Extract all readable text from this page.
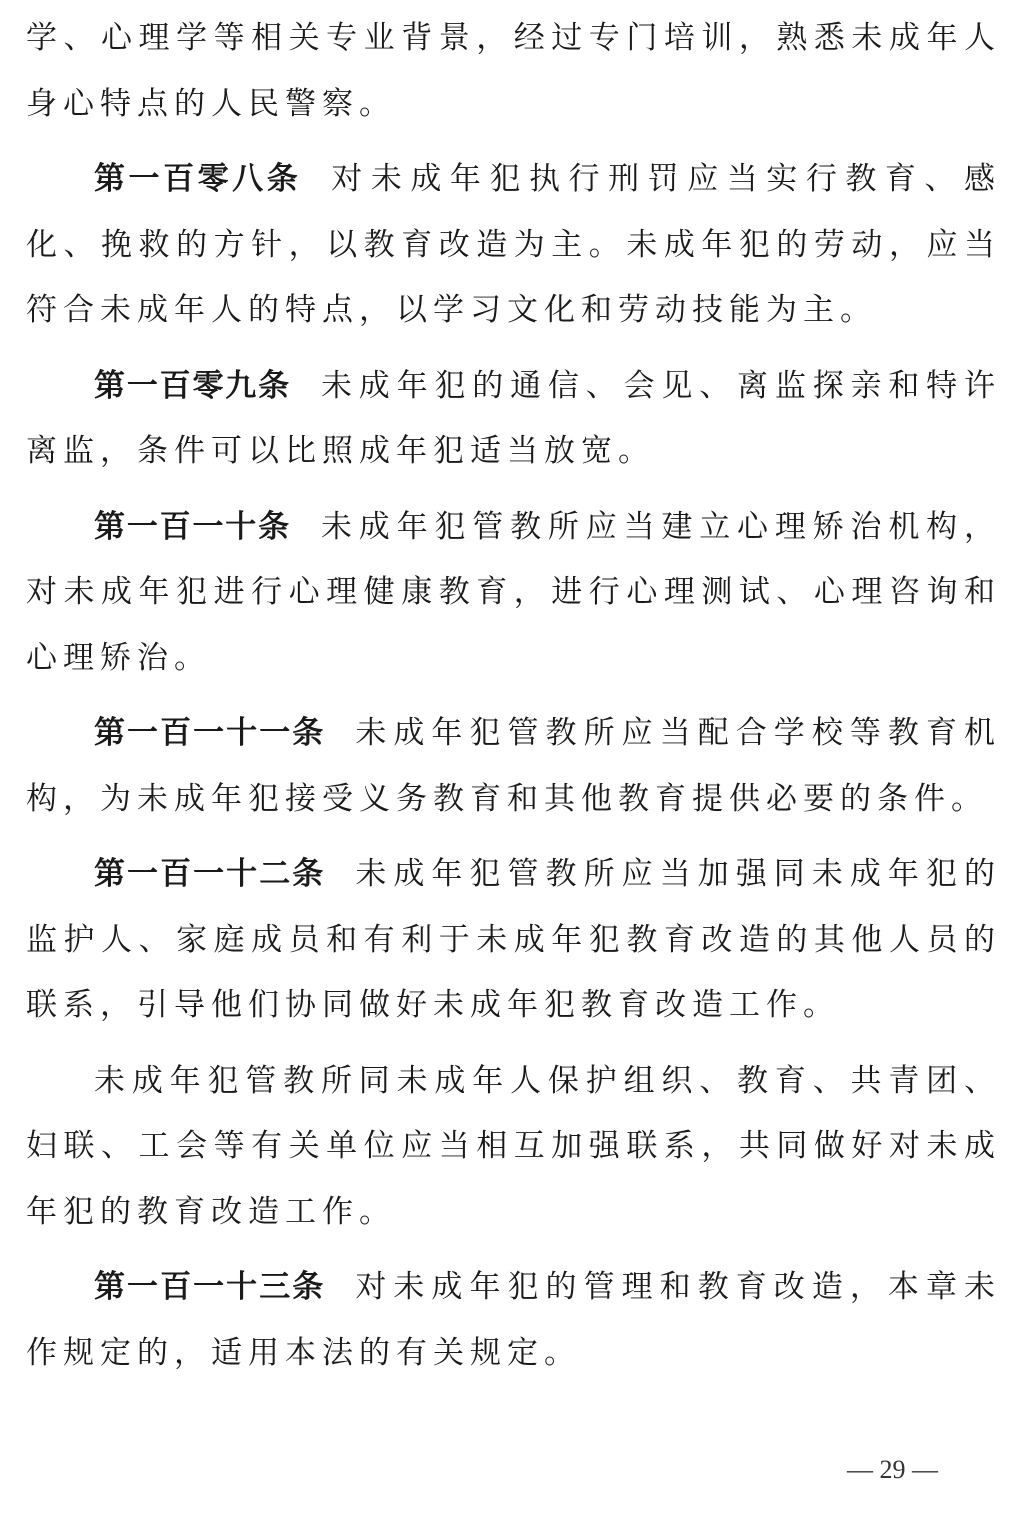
学、心理学等相关专业背景，经过专门培训，熟悉未成年人身心特点的人民警察。

第一百零八条 对未成年犯执行刑罚应当实行教育、感化、挽救的方针，以教育改造为主。未成年犯的劳动，应当符合未成年人的特点，以学习文化和劳动技能为主。

第一百零九条 未成年犯的通信、会见、离监探亲和特许离监，条件可以比照成年犯适当放宽。

第一百一十条 未成年犯管教所应当建立心理矫治机构，对未成年犯进行心理健康教育，进行心理测试、心理咨询和心理矫治。

第一百一十一条 未成年犯管教所应当配合学校等教育机构，为未成年犯接受义务教育和其他教育提供必要的条件。

第一百一十二条 未成年犯管教所应当加强同未成年犯的监护人、家庭成员和有利于未成年犯教育改造的其他人员的联系，引导他们协同做好未成年犯教育改造工作。

未成年犯管教所同未成年人保护组织、教育、共青团、妇联、工会等有关单位应当相互加强联系，共同做好对未成年犯的教育改造工作。

第一百一十三条 对未成年犯的管理和教育改造，本章未作规定的，适用本法的有关规定。

— 29 —
